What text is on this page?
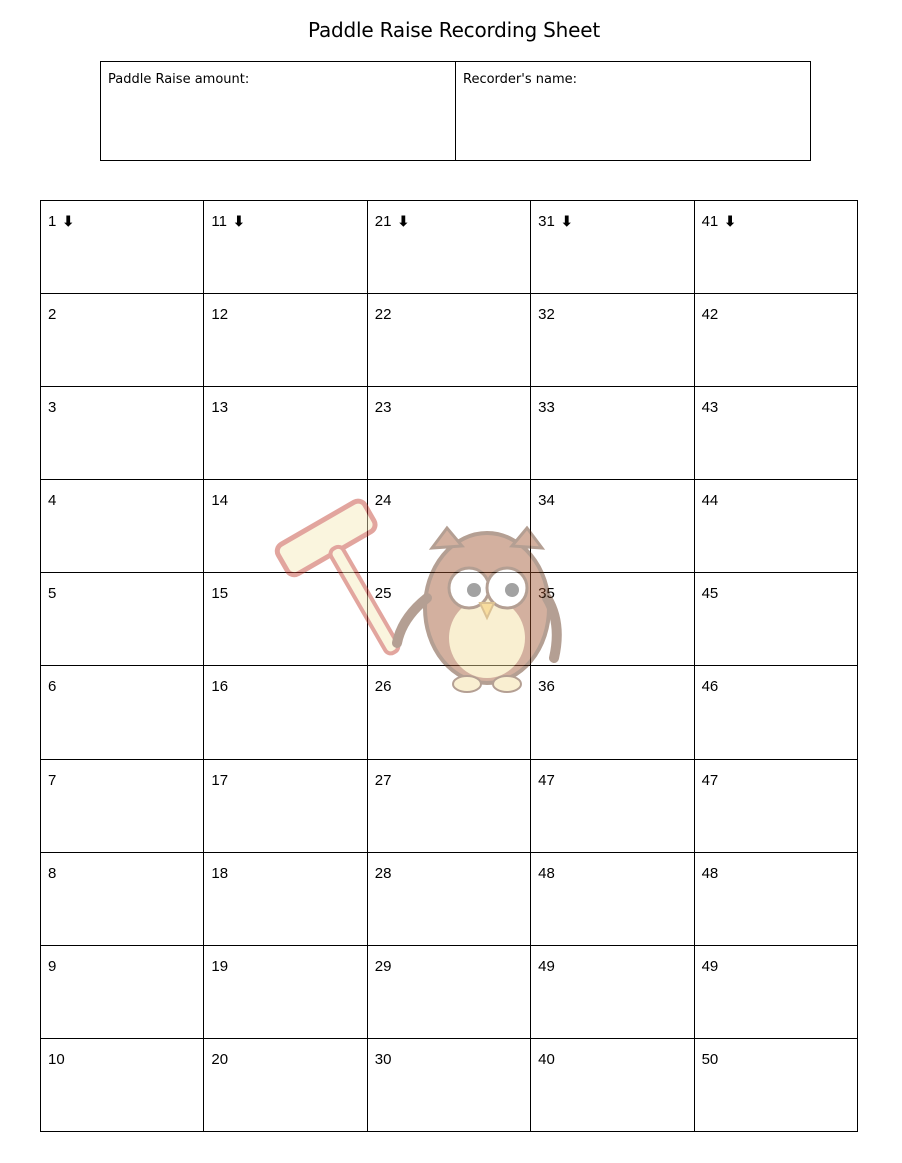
Paddle Raise Recording Sheet
Paddle Raise amount:	Recorder's name:
1 ⬇	11 ⬇	21 ⬇	31 ⬇	41 ⬇
2	12	22	32	42
3	13	23	33	43
4	14	24	34	44
5	15	25	35	45
6	16	26	36	46
7	17	27	47	47
8	18	28	48	48
9	19	29	49	49
10	20	30	40	50
